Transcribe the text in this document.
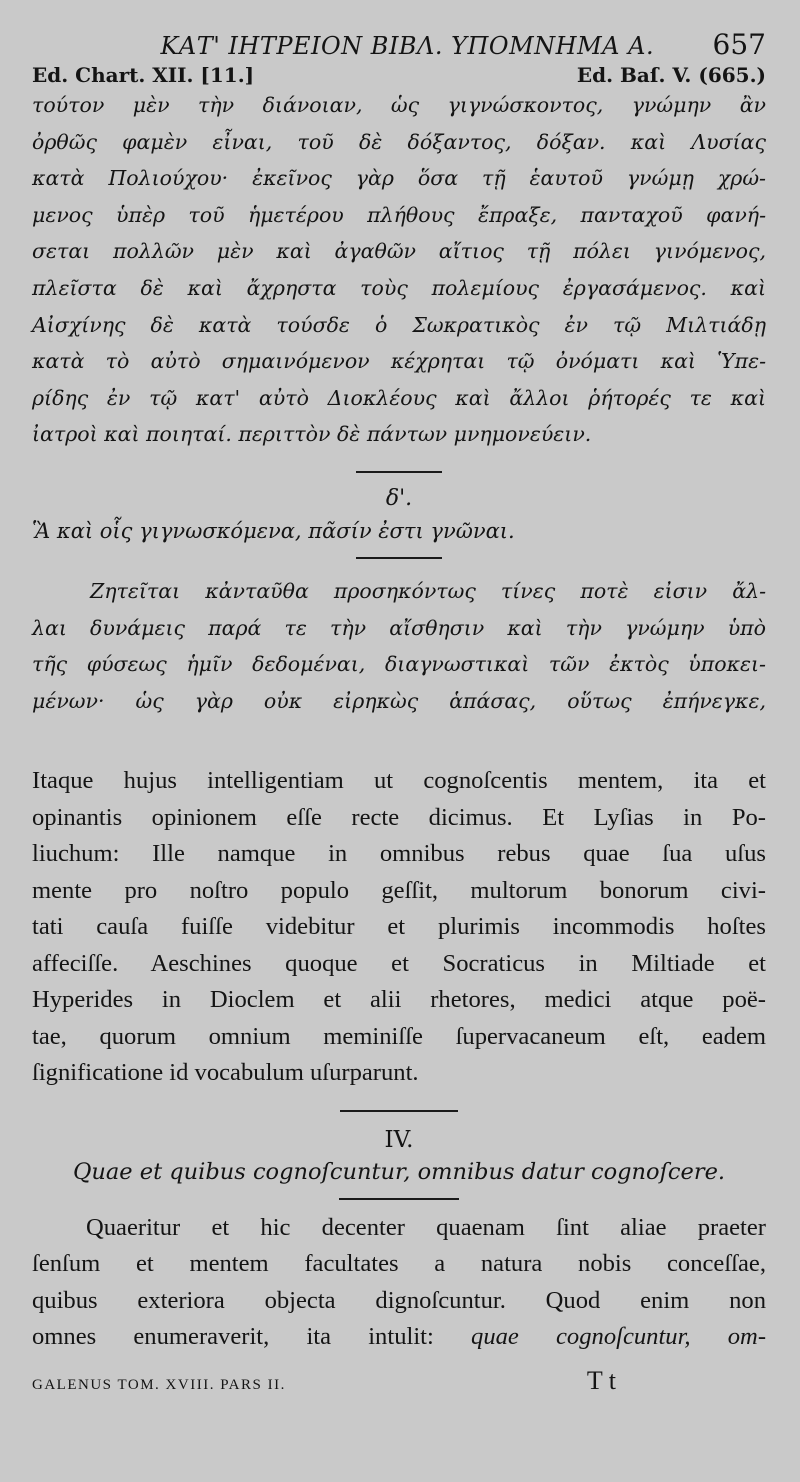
ΚΑΤ' ΙΗΤΡΕΙΟΝ ΒΙΒΛ. ΥΠΟΜΝΗΜΑ Α.	657
Ed. Chart. XII. [11.]	Ed. Baſ. V. (665.)
τούτον μὲν τὴν διάνοιαν, ὡς γιγνώσκοντος, γνώμην ἂν
ὀρθῶς φαμὲν εἶναι, τοῦ δὲ δόξαντος, δόξαν. καὶ Λυσίας
κατὰ Πολιούχου· ἐκεῖνος γὰρ ὅσα τῇ ἑαυτοῦ γνώμῃ χρώ-
μενος ὑπὲρ τοῦ ἡμετέρου πλήθους ἔπραξε, πανταχοῦ φανή-
σεται πολλῶν μὲν καὶ ἀγαθῶν αἴτιος τῇ πόλει γινόμενος,
πλεῖστα δὲ καὶ ἄχρηστα τοὺς πολεμίους ἐργασάμενος. καὶ
Αἰσχίνης δὲ κατὰ τούσδε ὁ Σωκρατικὸς ἐν τῷ Μιλτιάδῃ
κατὰ τὸ αὐτὸ σημαινόμενον κέχρηται τῷ ὀνόματι καὶ Ὑπε-
ρίδης ἐν τῷ κατ' αὐτὸ Διοκλέους καὶ ἄλλοι ῥήτορές τε καὶ
ἰατροὶ καὶ ποιηταί. περιττὸν δὲ πάντων μνημονεύειν.
δ'.
Ἃ καὶ οἷς γιγνωσκόμενα, πᾶσίν ἐστι γνῶναι.
Ζητεῖται κἀνταῦθα προσηκόντως τίνες ποτὲ εἰσιν ἄλ-
λαι δυνάμεις παρά τε τὴν αἴσθησιν καὶ τὴν γνώμην ὑπὸ
τῆς φύσεως ἡμῖν δεδομέναι, διαγνωστικαὶ τῶν ἐκτὸς ὑποκει-
μένων· ὡς γὰρ οὐκ εἰρηκὼς ἁπάσας, οὕτως ἐπήνεγκε,
Itaque hujus intelligentiam ut cognoſcentis mentem, ita et
opinantis opinionem eſſe recte dicimus. Et Lyſias in Po-
liuchum: Ille namque in omnibus rebus quae ſua uſus
mente pro noſtro populo geſſit, multorum bonorum civi-
tati cauſa fuiſſe videbitur et plurimis incommodis hoſtes
affeciſſe. Aeschines quoque et Socraticus in Miltiade et
Hyperides in Dioclem et alii rhetores, medici atque poë-
tae, quorum omnium meminiſſe ſupervacaneum eſt, eadem
ſignificatione id vocabulum uſurparunt.
IV.
Quae et quibus cognoſcuntur, omnibus datur cognoſcere.
Quaeritur et hic decenter quaenam ſint aliae praeter
ſenſum et mentem facultates a natura nobis conceſſae,
quibus exteriora objecta dignoſcuntur. Quod enim non
omnes enumeraverit, ita intulit: quae cognoſcuntur, om-
GALENUS TOM. XVIII. PARS II.	T t
